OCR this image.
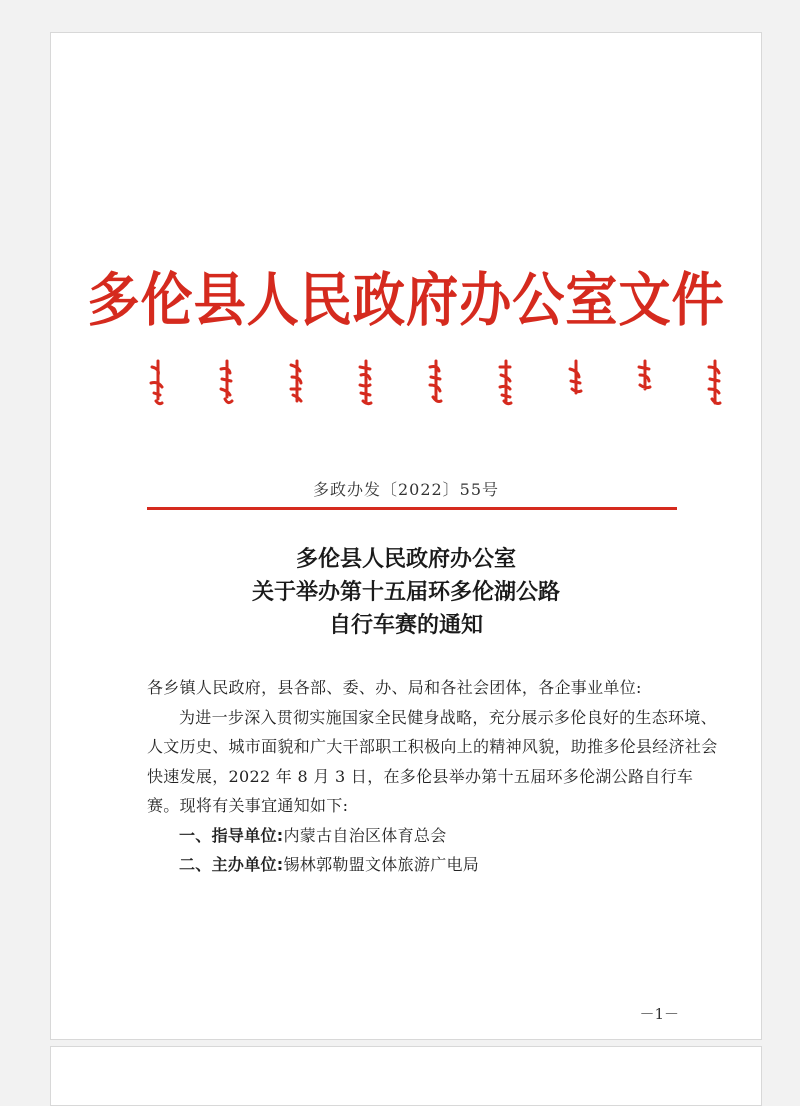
多伦县人民政府办公室文件
多政办发〔2022〕55号
多伦县人民政府办公室
关于举办第十五届环多伦湖公路
自行车赛的通知

各乡镇人民政府，县各部、委、办、局和各社会团体，各企事业单位:

为进一步深入贯彻实施国家全民健身战略，充分展示多伦良好的生态环境、人文历史、城市面貌和广大干部职工积极向上的精神风貌，助推多伦县经济社会快速发展，2022 年 8 月 3 日，在多伦县举办第十五届环多伦湖公路自行车赛。现将有关事宜通知如下:

一、指导单位:内蒙古自治区体育总会

二、主办单位:锡林郭勒盟文体旅游广电局

－1－
